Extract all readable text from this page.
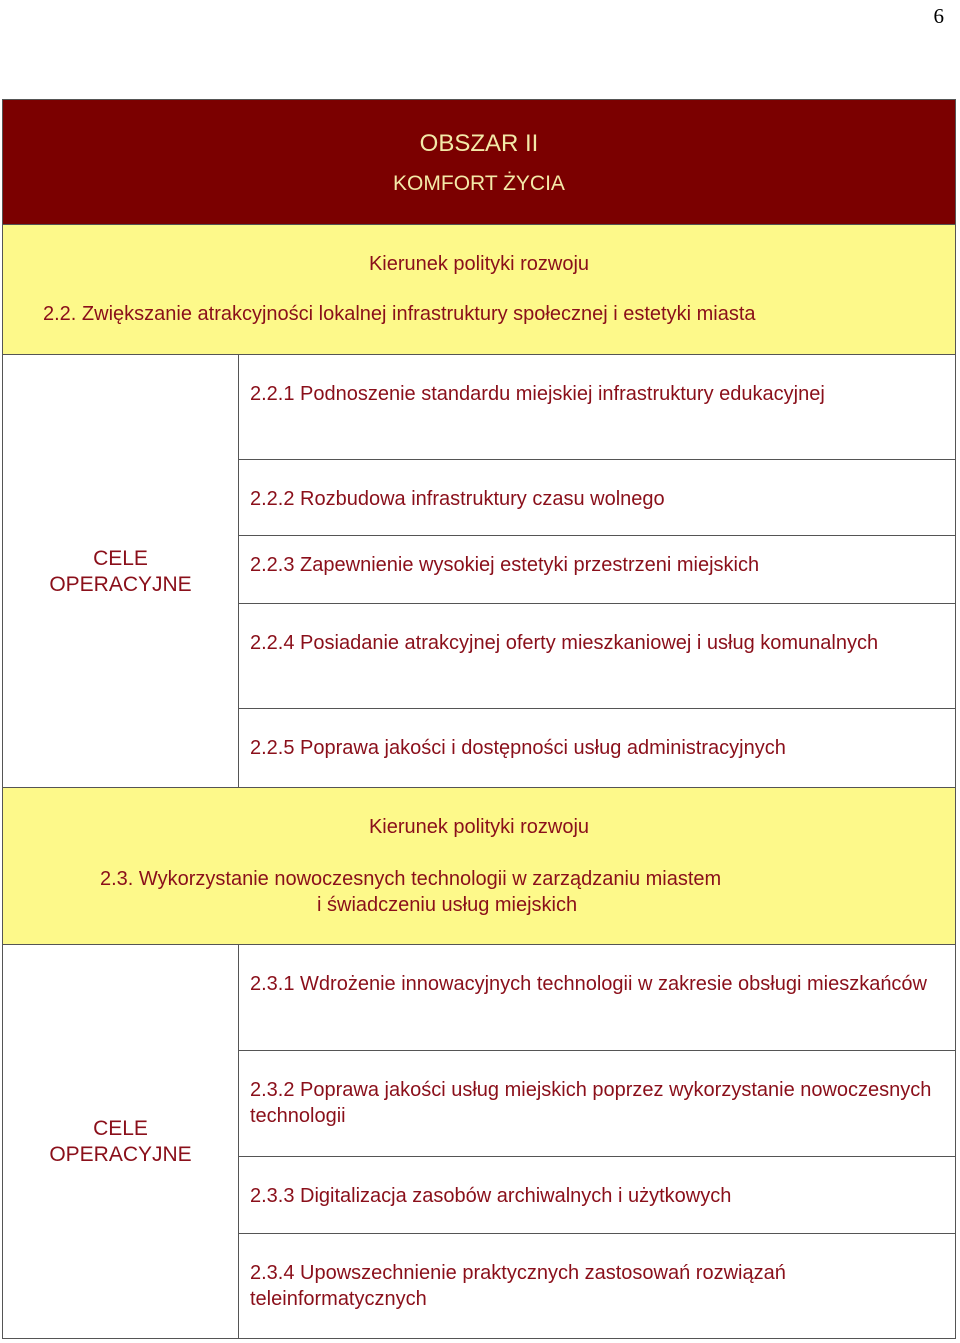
6
OBSZAR II
KOMFORT ŻYCIA
Kierunek polityki rozwoju
2.2. Zwiększanie atrakcyjności lokalnej infrastruktury społecznej i estetyki miasta
CELE
OPERACYJNE
2.2.1 Podnoszenie standardu miejskiej infrastruktury edukacyjnej
2.2.2 Rozbudowa infrastruktury czasu wolnego
2.2.3 Zapewnienie wysokiej estetyki przestrzeni miejskich
2.2.4 Posiadanie atrakcyjnej oferty mieszkaniowej i usług komunalnych
2.2.5 Poprawa jakości i dostępności usług administracyjnych
Kierunek polityki rozwoju
2.3. Wykorzystanie nowoczesnych technologii w zarządzaniu miastem
i świadczeniu usług miejskich
CELE
OPERACYJNE
2.3.1 Wdrożenie innowacyjnych technologii w zakresie obsługi mieszkańców
2.3.2 Poprawa jakości usług miejskich poprzez wykorzystanie nowoczesnych technologii
2.3.3 Digitalizacja zasobów archiwalnych i użytkowych
2.3.4 Upowszechnienie praktycznych zastosowań rozwiązań teleinformatycznych
